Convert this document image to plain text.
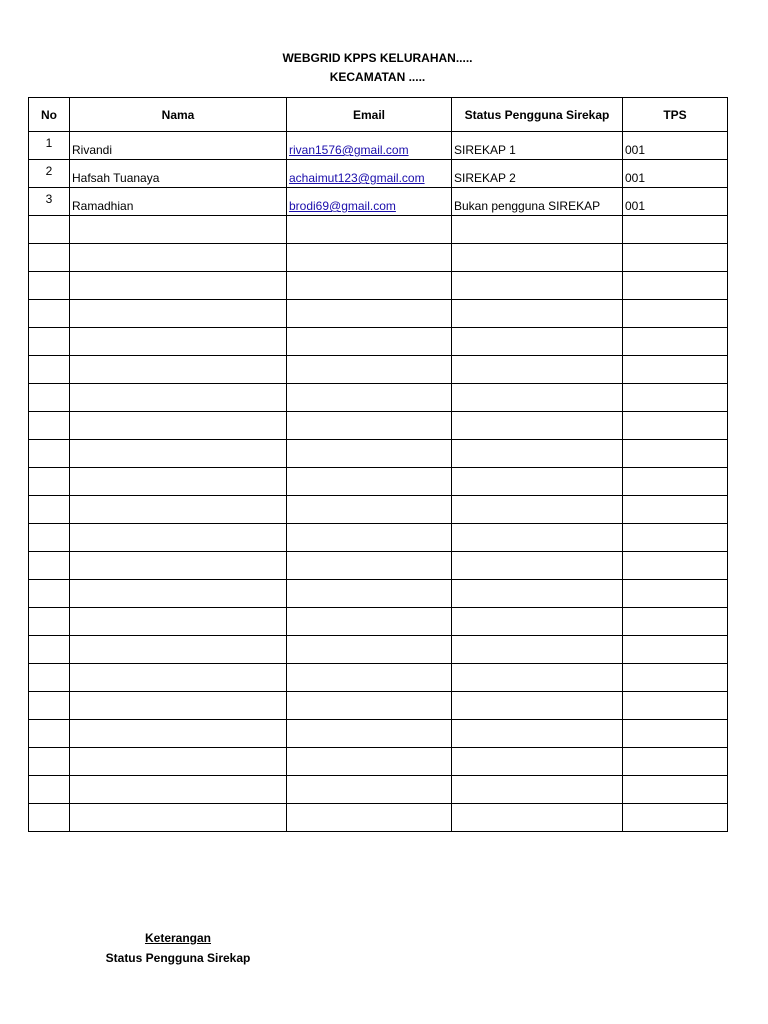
WEBGRID KPPS KELURAHAN.....
KECAMATAN .....
No	Nama	Email	Status Pengguna Sirekap	TPS
1	Rivandi	rivan1576@gmail.com	SIREKAP 1	001
2	Hafsah Tuanaya	achaimut123@gmail.com	SIREKAP 2	001
3	Ramadhian	brodi69@gmail.com	Bukan pengguna SIREKAP	001

Keterangan
Status Pengguna Sirekap
